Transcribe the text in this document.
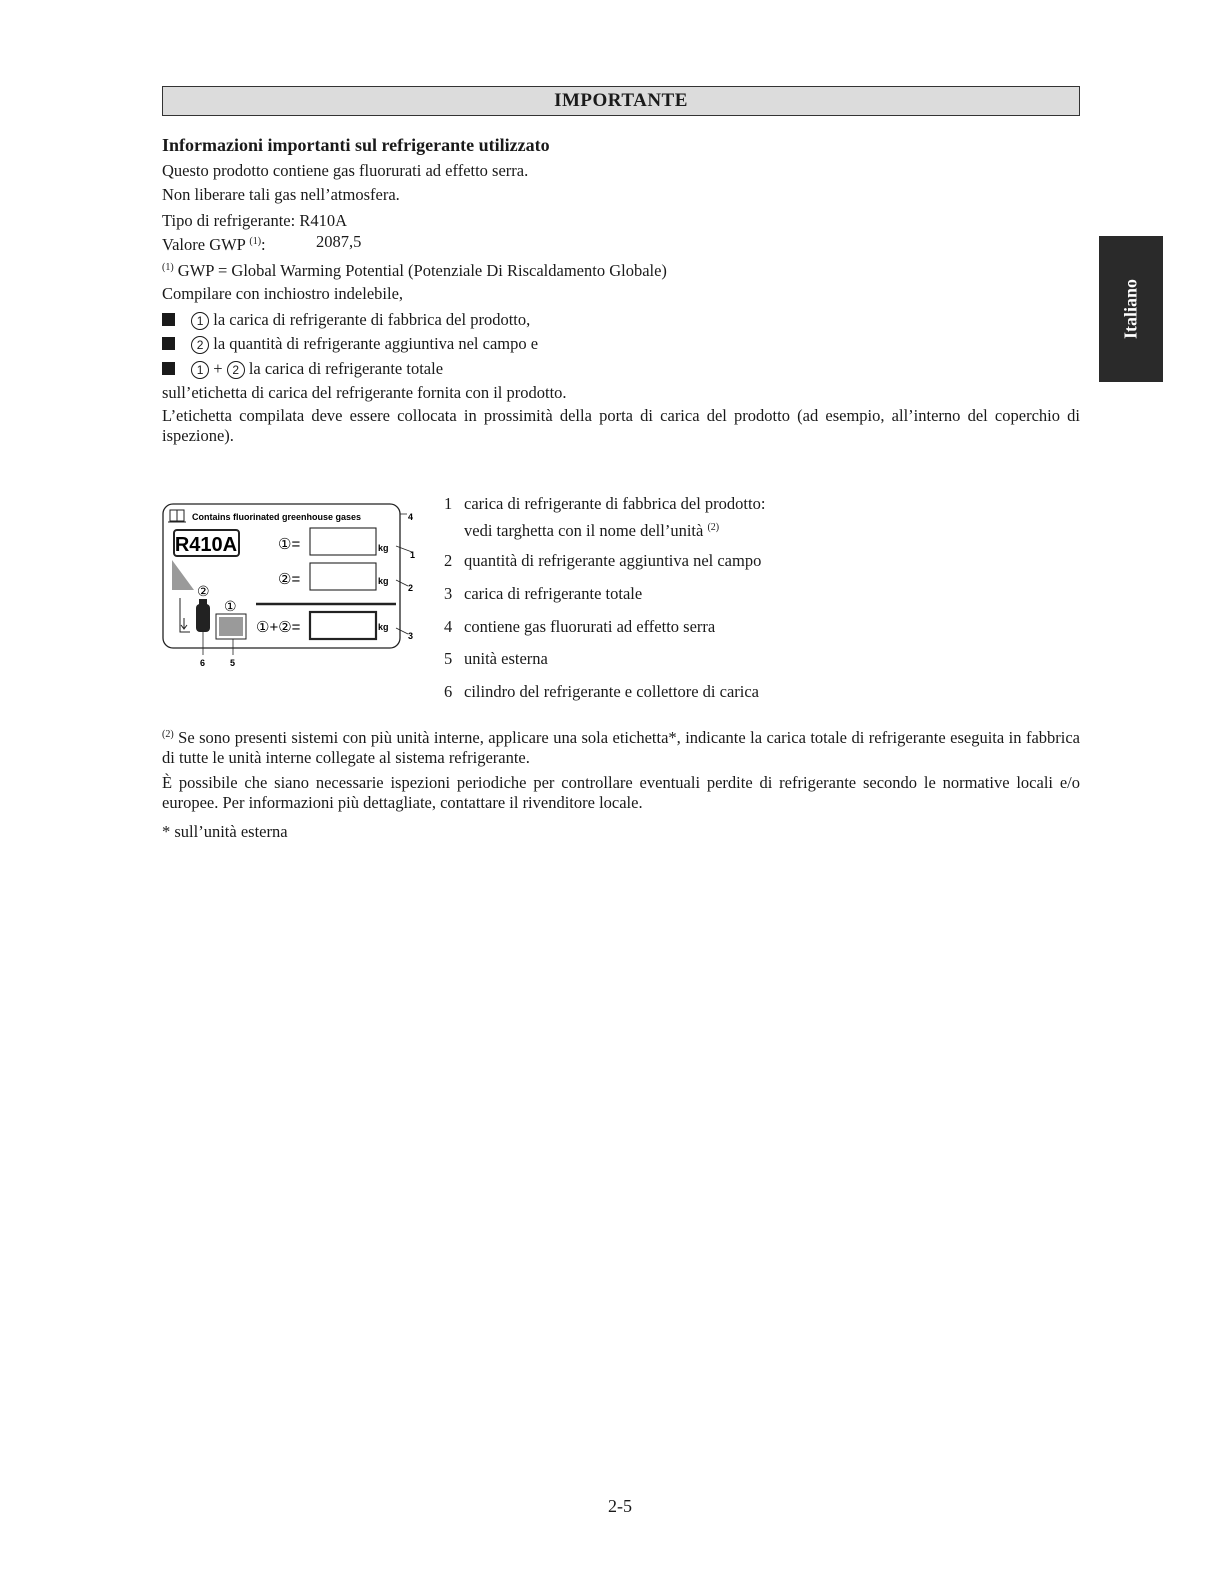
IMPORTANTE
Italiano
Informazioni importanti sul refrigerante utilizzato
Questo prodotto contiene gas fluorurati ad effetto serra.
Non liberare tali gas nell’atmosfera.
Tipo di refrigerante: R410A
Valore GWP $^{(1)}$:	2087,5
$^{(1)}$ GWP = Global Warming Potential (Potenziale Di Riscaldamento Globale)
Compilare con inchiostro indelebile,
1 la carica di refrigerante di fabbrica del prodotto,
2 la quantità di refrigerante aggiuntiva nel campo e
1 + 2 la carica di refrigerante totale
sull’etichetta di carica del refrigerante fornita con il prodotto.
L’etichetta compilata deve essere collocata in prossimità della porta di carica del prodotto (ad esempio, all’interno del coperchio di ispezione).
Contains fluorinated greenhouse gases	4
R410A	①=	kg
1
②=	kg
2
①+②=	kg
3
②
①
6	5
1 carica di refrigerante di fabbrica del prodotto:
vedi targhetta con il nome dell’unità $^{(2)}$
2 quantità di refrigerante aggiuntiva nel campo
3 carica di refrigerante totale
4 contiene gas fluorurati ad effetto serra
5 unità esterna
6 cilindro del refrigerante e collettore di carica
$^{(2)}$ Se sono presenti sistemi con più unità interne, applicare una sola etichetta*, indicante la carica totale di refrigerante eseguita in fabbrica di tutte le unità interne collegate al sistema refrigerante.
È possibile che siano necessarie ispezioni periodiche per controllare eventuali perdite di refrigerante secondo le normative locali e/o europee. Per informazioni più dettagliate, contattare il rivenditore locale.
* sull’unità esterna
2-5
